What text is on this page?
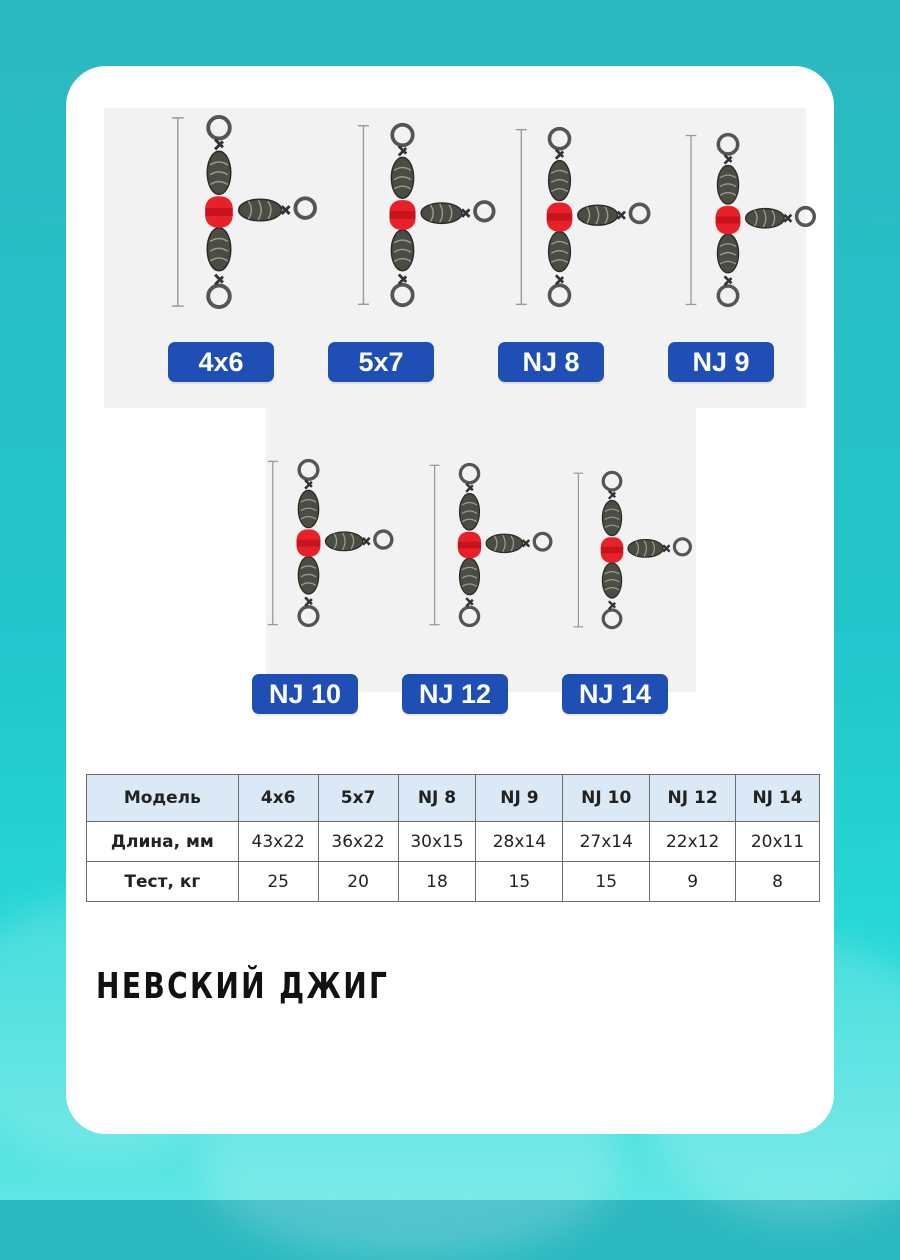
4x6	5x7	NJ 8	NJ 9
NJ 10	NJ 12	NJ 14
Модель	4x6	5x7	NJ 8	NJ 9	NJ 10	NJ 12	NJ 14
Длина, мм	43x22	36x22	30x15	28x14	27x14	22x12	20x11
Тест, кг	25	20	18	15	15	9	8
НЕВСКИЙ ДЖИГ
